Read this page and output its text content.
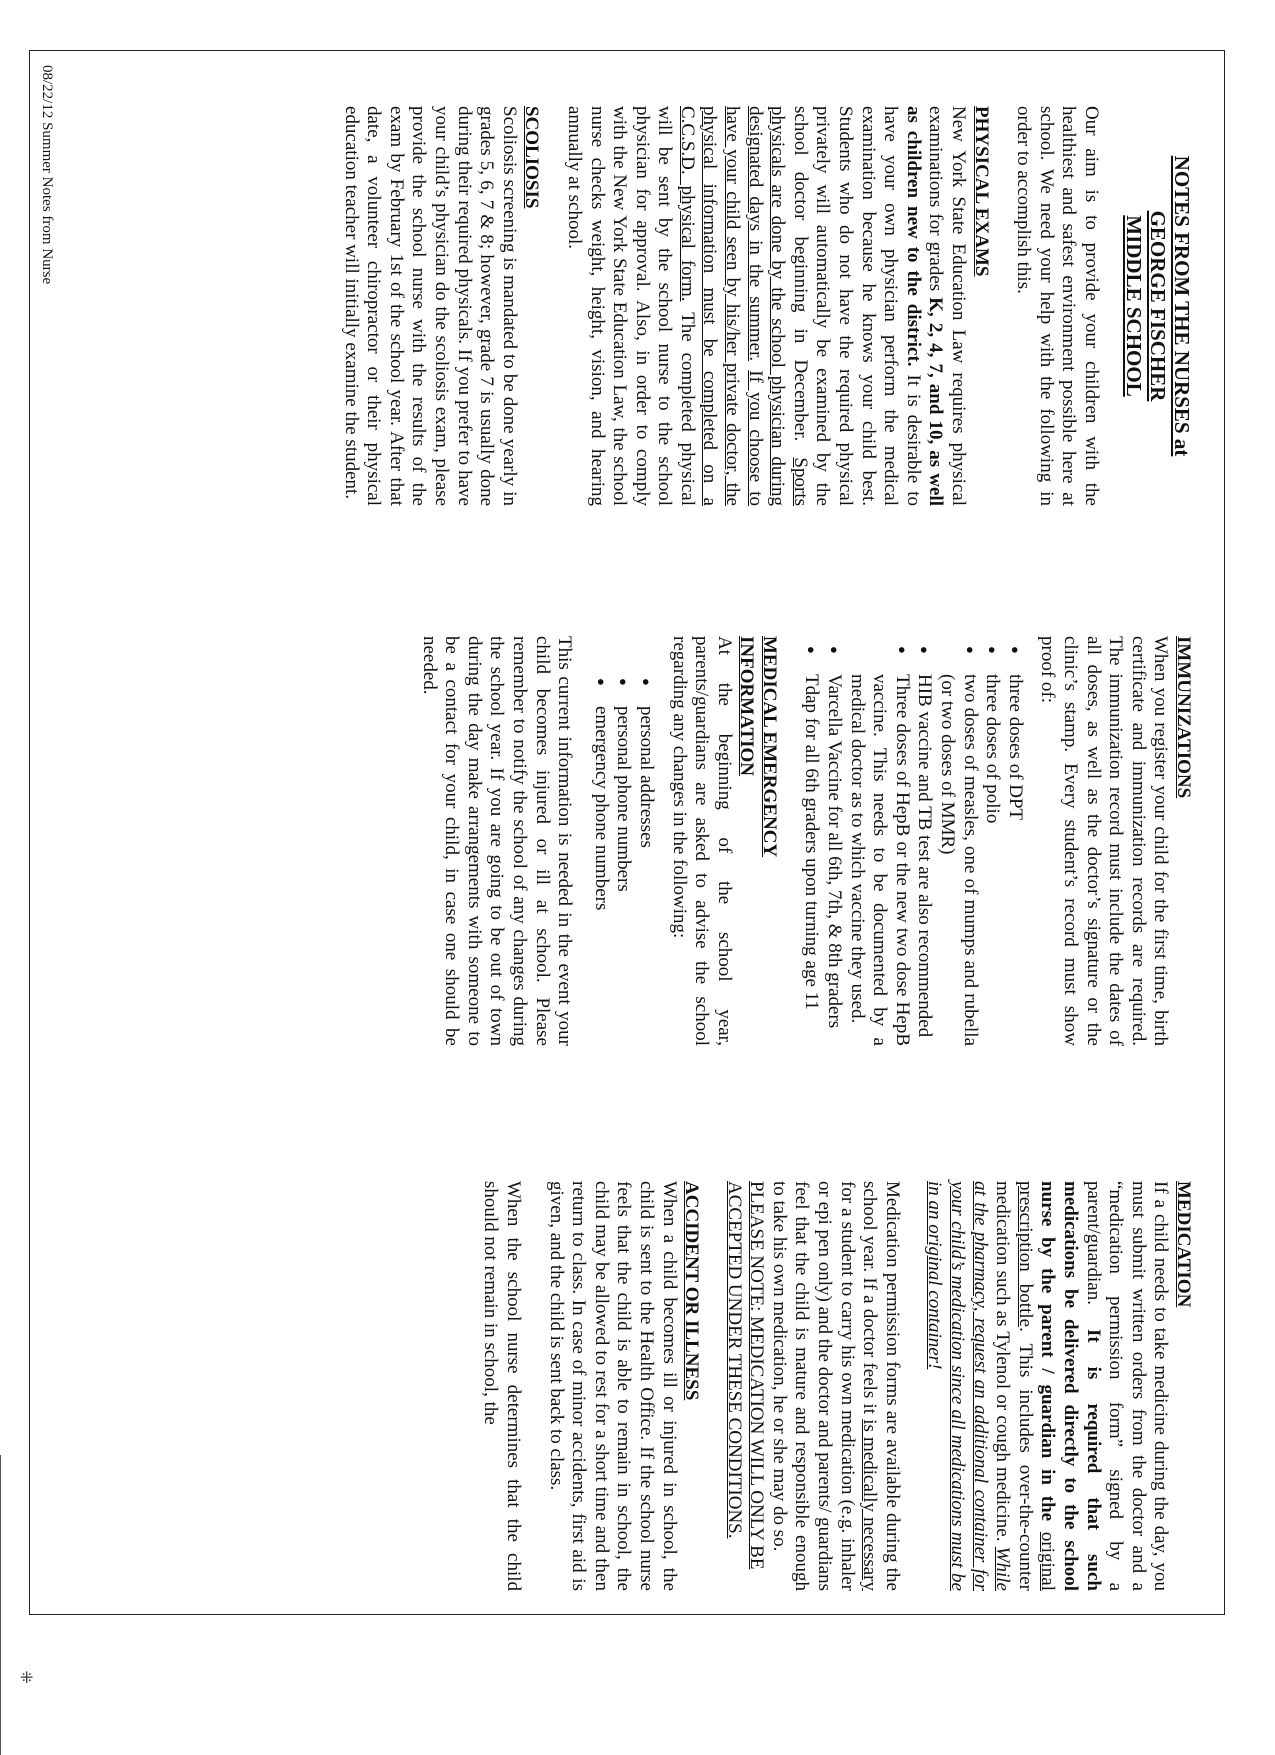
⁜
NOTES FROM THE NURSES at
GEORGE FISCHER
MIDDLE SCHOOL

Our aim is to provide your children with the healthiest and safest environment possible here at school. We need your help with the following in order to accomplish this.

PHYSICAL EXAMS

New York State Education Law requires physical examinations for grades K, 2, 4, 7, and 10, as well as children new to the district. It is desirable to have your own physician perform the medical examination because he knows your child best. Students who do not have the required physical privately will automatically be examined by the school doctor beginning in December. Sports physicals are done by the school physician during designated days in the summer. If you choose to have your child seen by his/her private doctor, the physical information must be completed on a C.C.S.D. physical form. The completed physical will be sent by the school nurse to the school physician for approval. Also, in order to comply with the New York State Education Law, the school nurse checks weight, height, vision, and hearing annually at school.

SCOLIOSIS

Scoliosis screening is mandated to be done yearly in grades 5, 6, 7 & 8; however, grade 7 is usually done during their required physicals. If you prefer to have your child’s physician do the scoliosis exam, please provide the school nurse with the results of the exam by February 1st of the school year. After that date, a volunteer chiropractor or their physical education teacher will initially examine the student.

IMMUNIZATIONS

When you register your child for the first time, birth certificate and immunization records are required. The immunization record must include the dates of all doses, as well as the doctor’s signature or the clinic’s stamp. Every student’s record must show proof of:

● three doses of DPT
● three doses of polio
● two doses of measles, one of mumps and rubella (or two doses of MMR)
● HIB vaccine and TB test are also recommended
● Three doses of HepB or the new two dose HepB vaccine. This needs to be documented by a medical doctor as to which vaccine they used.
● Varcella Vaccine for all 6th, 7th, & 8th graders
● Tdap for all 6th graders upon turning age 11
MEDICAL EMERGENCY
INFORMATION

At the beginning of the school year, parents/guardians are asked to advise the school regarding any changes in the following:

● personal addresses
● personal phone numbers
● emergency phone numbers

This current information is needed in the event your child becomes injured or ill at school. Please remember to notify the school of any changes during the school year. If you are going to be out of town during the day make arrangements with someone to be a contact for your child, in case one should be needed.

MEDICATION

If a child needs to take medicine during the day, you must submit written orders from the doctor and a “medication permission form” signed by a parent/guardian. It is required that such medications be delivered directly to the school nurse by the parent / guardian in the original prescription bottle. This includes over-the-counter medication such as Tylenol or cough medicine. While at the pharmacy, request an additional container for your child’s medication since all medications must be in an original container!

Medication permission forms are available during the school year. If a doctor feels it is medically necessary for a student to carry his own medication (e.g. inhaler or epi pen only) and the doctor and parents/ guardians feel that the child is mature and responsible enough to take his own medication, he or she may do so.

PLEASE NOTE: MEDICATION WILL ONLY BE ACCEPTED UNDER THESE CONDITIONS.

ACCIDENT OR ILLNESS

When a child becomes ill or injured in school, the child is sent to the Health Office. If the school nurse feels that the child is able to remain in school, the child may be allowed to rest for a short time and then return to class. In case of minor accidents, first aid is given, and the child is sent back to class.

When the school nurse determines that the child should not remain in school, the

08/22/12 Summer Notes from Nurse
